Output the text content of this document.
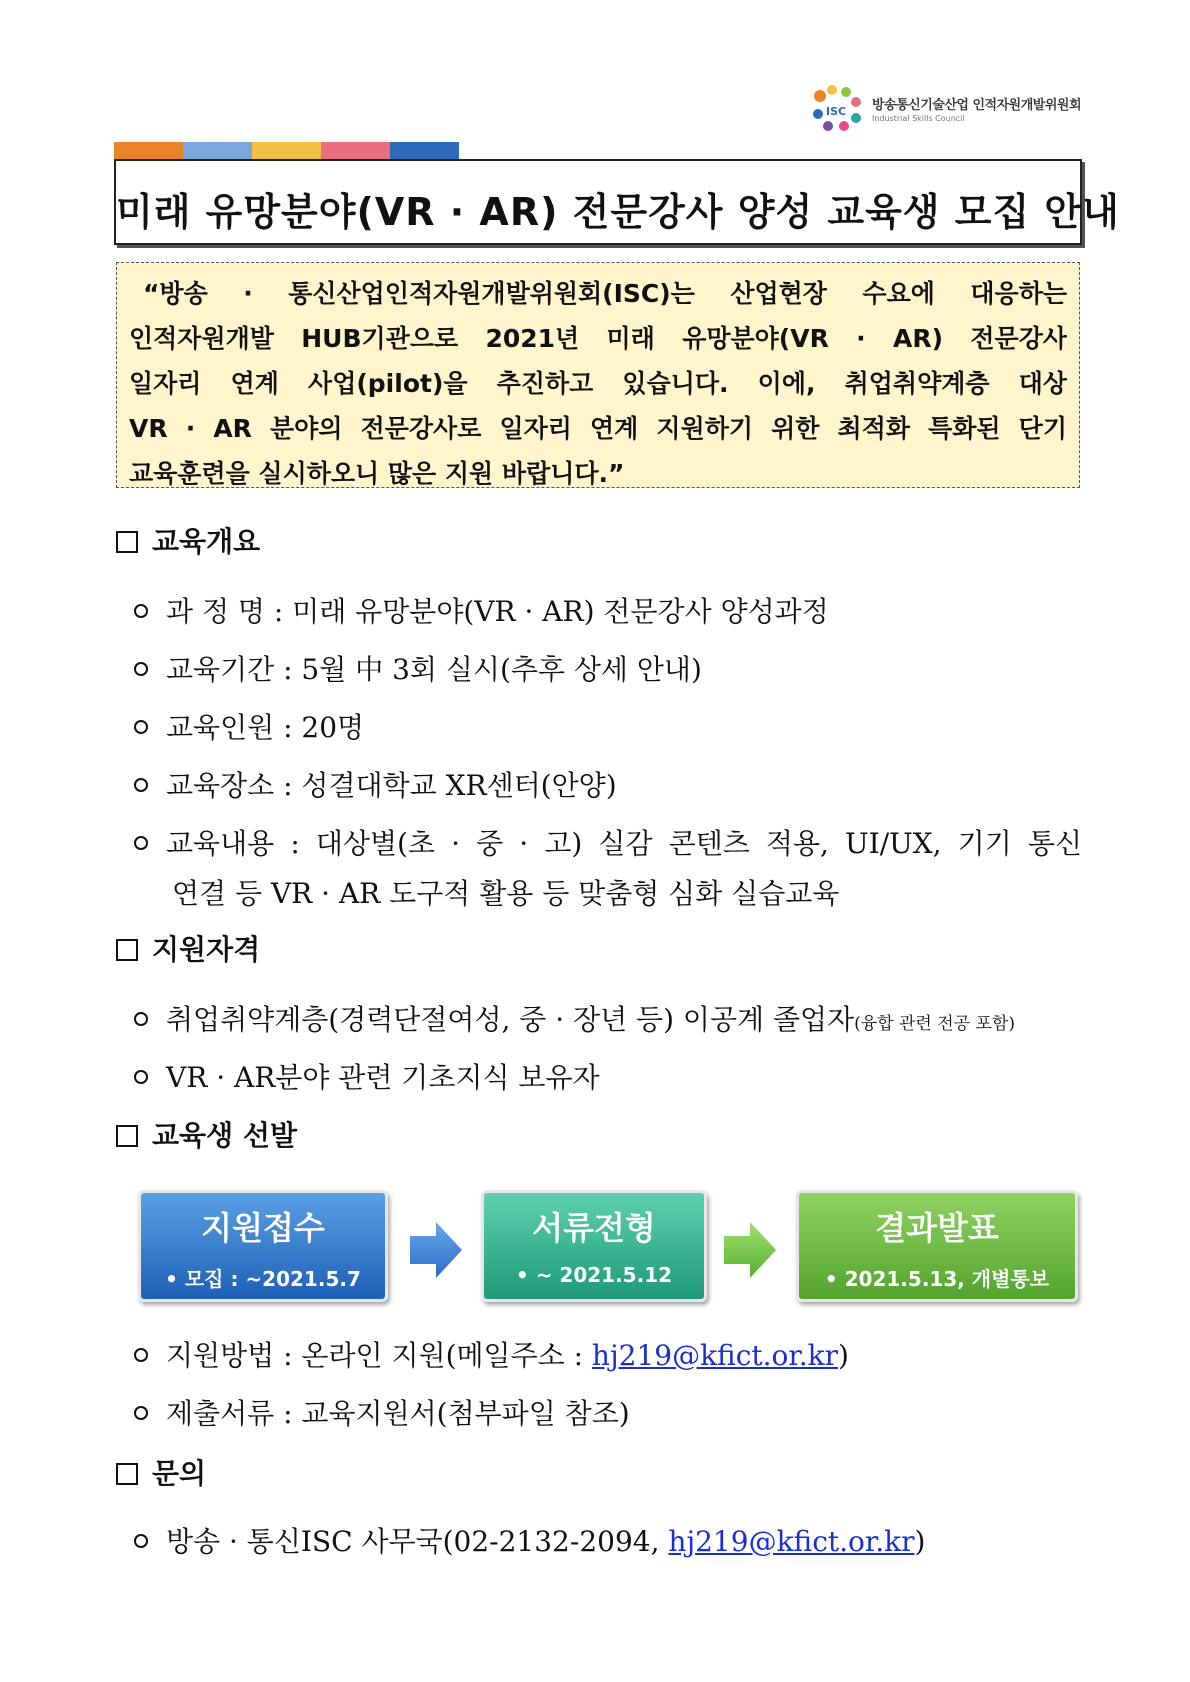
ISC 방송통신기술산업 인적자원개발위원회
Industrial Skills Council
미래 유망분야(VR · AR) 전문강사 양성 교육생 모집 안내
“방송 · 통신산업인적자원개발위원회(ISC)는 산업현장 수요에 대응하는
인적자원개발 HUB기관으로 2021년 미래 유망분야(VR · AR) 전문강사
일자리 연계 사업(pilot)을 추진하고 있습니다. 이에, 취업취약계층 대상
VR · AR 분야의 전문강사로 일자리 연계 지원하기 위한 최적화 특화된 단기
교육훈련을 실시하오니 많은 지원 바랍니다.”
교육개요
과 정 명 : 미래 유망분야(VR · AR) 전문강사 양성과정
교육기간 : 5월 中 3회 실시(추후 상세 안내)
교육인원 : 20명
교육장소 : 성결대학교 XR센터(안양)
교육내용 : 대상별(초 · 중 · 고) 실감 콘텐츠 적용, UI/UX, 기기 통신
연결 등 VR · AR 도구적 활용 등 맞춤형 심화 실습교육
지원자격
취업취약계층(경력단절여성, 중 · 장년 등) 이공계 졸업자(융합 관련 전공 포함)
VR · AR분야 관련 기초지식 보유자
교육생 선발
지원접수
• 모집 : ~2021.5.7
서류전형
• ~ 2021.5.12
결과발표
• 2021.5.13, 개별통보
지원방법 : 온라인 지원(메일주소 : hj219@kfict.or.kr)
제출서류 : 교육지원서(첨부파일 참조)
문의
방송 · 통신ISC 사무국(02-2132-2094, hj219@kfict.or.kr)
